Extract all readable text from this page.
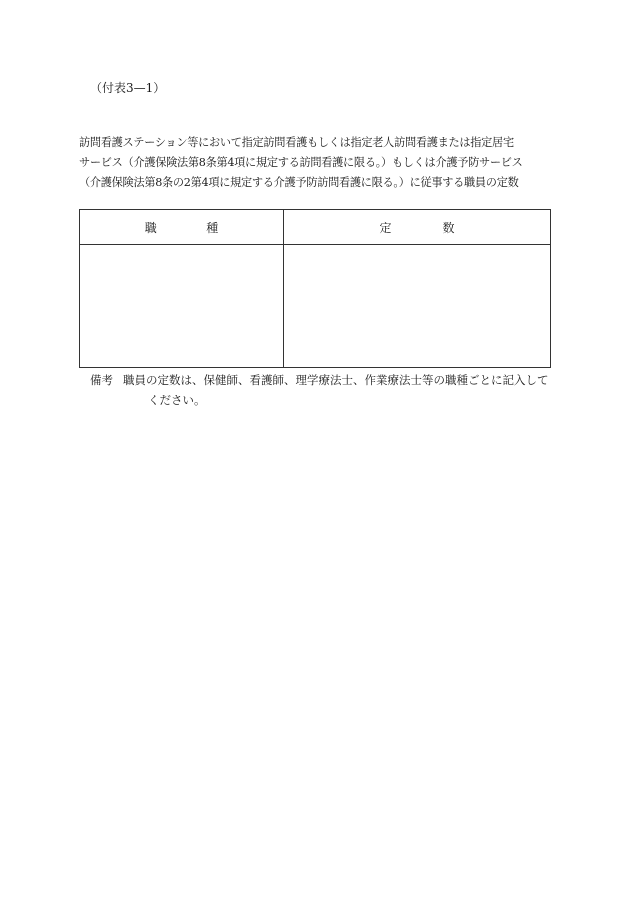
（付表3—1）
訪問看護ステーション等において指定訪問看護もしくは指定老人訪問看護または指定居宅
サービス（介護保険法第8条第4項に規定する訪問看護に限る。）もしくは介護予防サービス
（介護保険法第8条の2第4項に規定する介護予防訪問看護に限る。）に従事する職員の定数
職 種	定 数

備考 職員の定数は、保健師、看護師、理学療法士、作業療法士等の職種ごとに記入して
ください。
